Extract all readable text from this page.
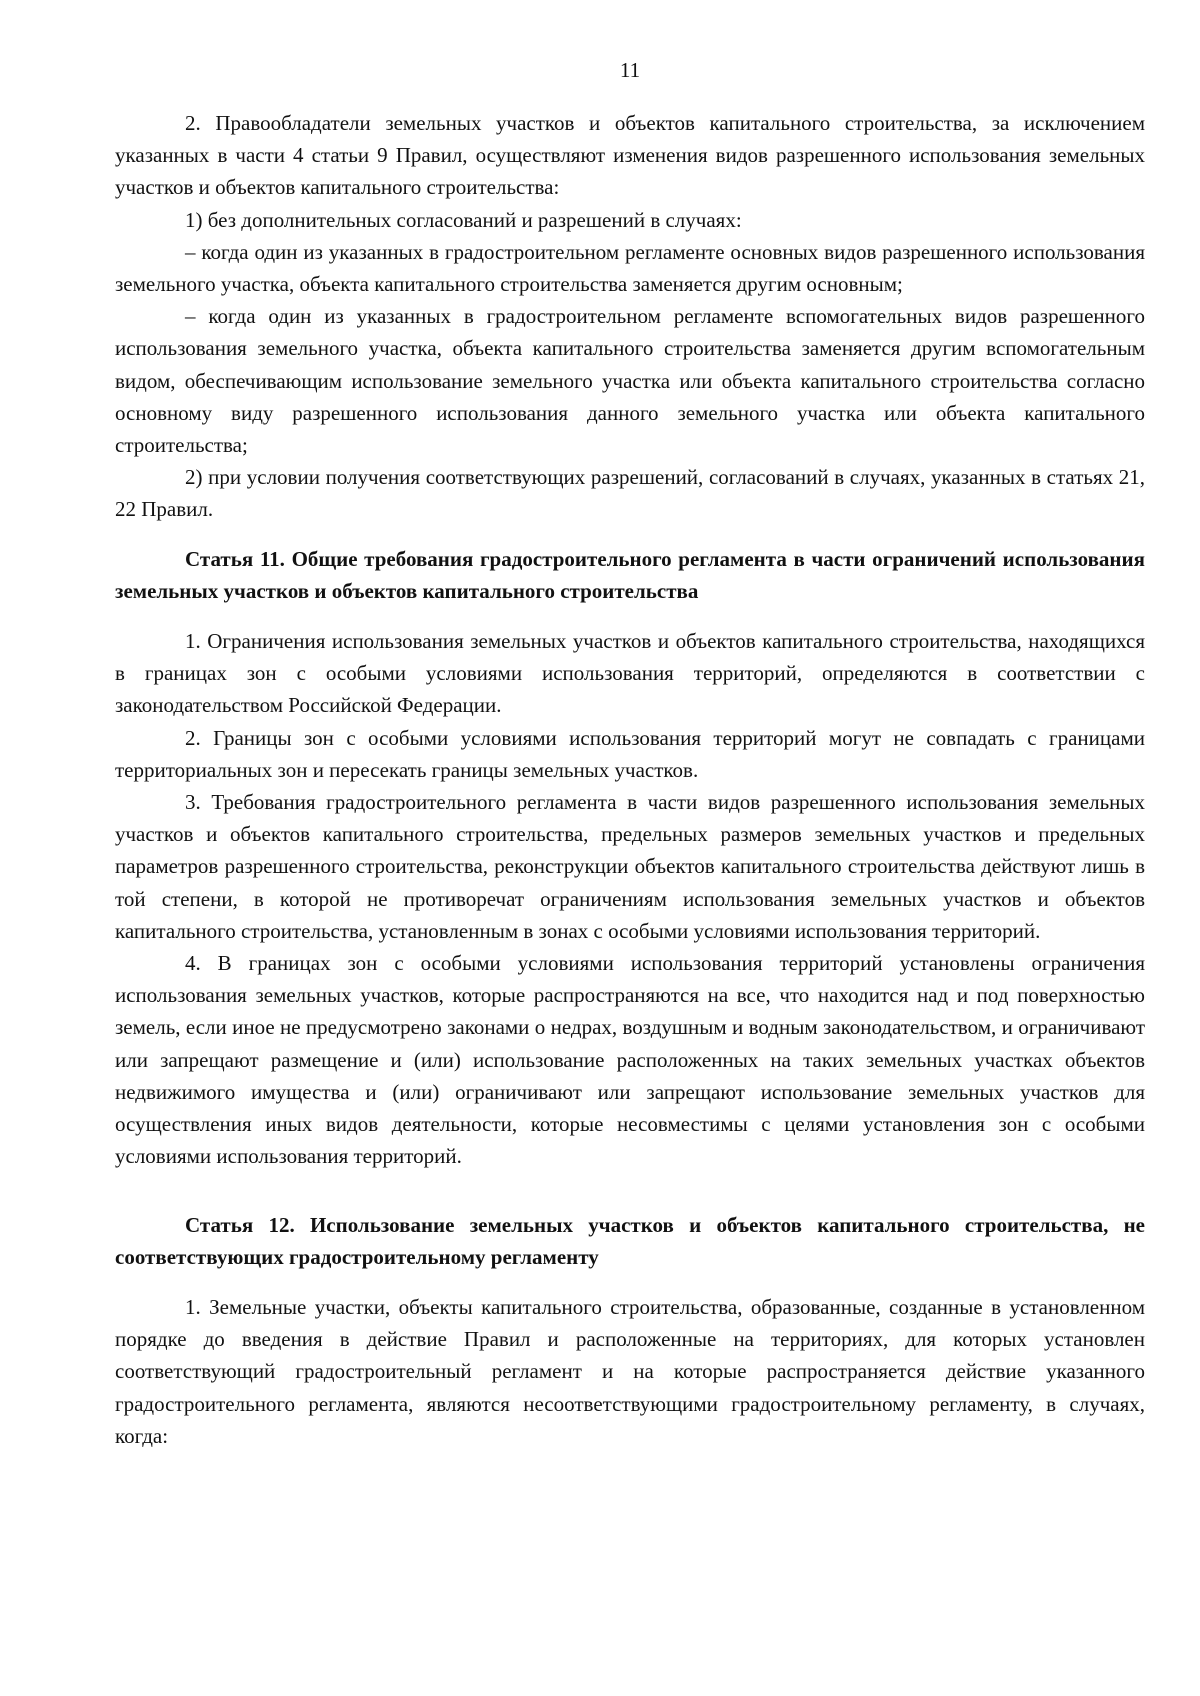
11

2. Правообладатели земельных участков и объектов капитального строительства, за исключением указанных в части 4 статьи 9 Правил, осуществляют изменения видов разрешенного использования земельных участков и объектов капитального строительства:

1) без дополнительных согласований и разрешений в случаях:

– когда один из указанных в градостроительном регламенте основных видов разрешенного использования земельного участка, объекта капитального строительства заменяется другим основным;

– когда один из указанных в градостроительном регламенте вспомогательных видов разрешенного использования земельного участка, объекта капитального строительства заменяется другим вспомогательным видом, обеспечивающим использование земельного участка или объекта капитального строительства согласно основному виду разрешенного использования данного земельного участка или объекта капитального строительства;

2) при условии получения соответствующих разрешений, согласований в случаях, указанных в статьях 21, 22 Правил.

Статья 11. Общие требования градостроительного регламента в части ограничений использования земельных участков и объектов капитального строительства

1. Ограничения использования земельных участков и объектов капитального строительства, находящихся в границах зон с особыми условиями использования территорий, определяются в соответствии с законодательством Российской Федерации.

2. Границы зон с особыми условиями использования территорий могут не совпадать с границами территориальных зон и пересекать границы земельных участков.

3. Требования градостроительного регламента в части видов разрешенного использования земельных участков и объектов капитального строительства, предельных размеров земельных участков и предельных параметров разрешенного строительства, реконструкции объектов капитального строительства действуют лишь в той степени, в которой не противоречат ограничениям использования земельных участков и объектов капитального строительства, установленным в зонах с особыми условиями использования территорий.

4. В границах зон с особыми условиями использования территорий установлены ограничения использования земельных участков, которые распространяются на все, что находится над и под поверхностью земель, если иное не предусмотрено законами о недрах, воздушным и водным законодательством, и ограничивают или запрещают размещение и (или) использование расположенных на таких земельных участках объектов недвижимого имущества и (или) ограничивают или запрещают использование земельных участков для осуществления иных видов деятельности, которые несовместимы с целями установления зон с особыми условиями использования территорий.

Статья 12. Использование земельных участков и объектов капитального строительства, не соответствующих градостроительному регламенту

1. Земельные участки, объекты капитального строительства, образованные, созданные в установленном порядке до введения в действие Правил и расположенные на территориях, для которых установлен соответствующий градостроительный регламент и на которые распространяется действие указанного градостроительного регламента, являются несоответствующими градостроительному регламенту, в случаях, когда:
